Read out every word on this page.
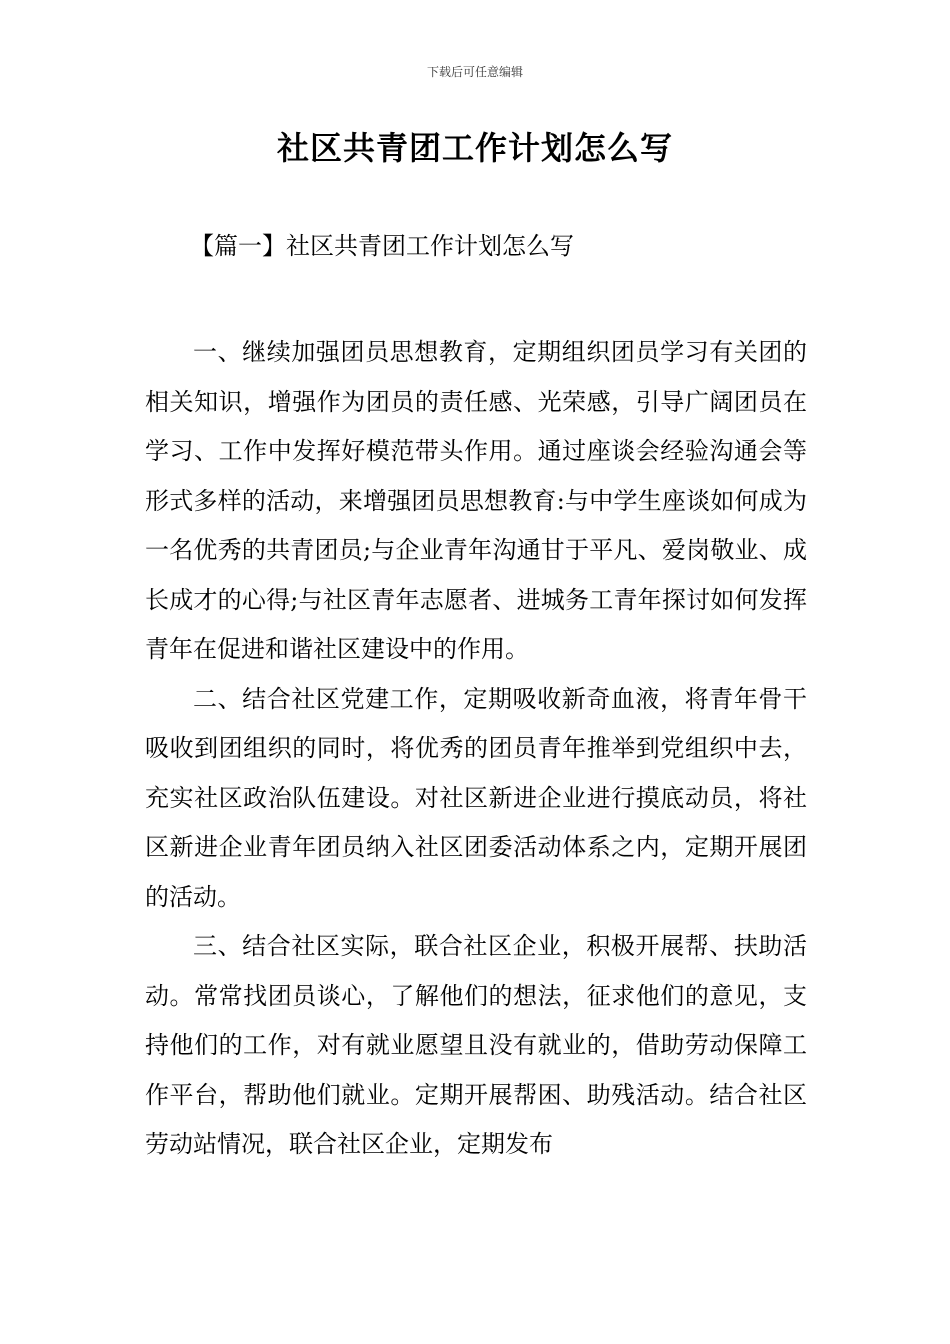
下载后可任意编辑
社区共青团工作计划怎么写
【篇一】社区共青团工作计划怎么写

一、继续加强团员思想教育，定期组织团员学习有关团的相关知识，增强作为团员的责任感、光荣感，引导广阔团员在学习、工作中发挥好模范带头作用。通过座谈会经验沟通会等形式多样的活动，来增强团员思想教育:与中学生座谈如何成为一名优秀的共青团员;与企业青年沟通甘于平凡、爱岗敬业、成长成才的心得;与社区青年志愿者、进城务工青年探讨如何发挥青年在促进和谐社区建设中的作用。

二、结合社区党建工作，定期吸收新奇血液，将青年骨干吸收到团组织的同时，将优秀的团员青年推举到党组织中去，充实社区政治队伍建设。对社区新进企业进行摸底动员，将社区新进企业青年团员纳入社区团委活动体系之内，定期开展团的活动。

三、结合社区实际，联合社区企业，积极开展帮、扶助活动。常常找团员谈心，了解他们的想法，征求他们的意见，支持他们的工作，对有就业愿望且没有就业的，借助劳动保障工作平台，帮助他们就业。定期开展帮困、助残活动。结合社区劳动站情况，联合社区企业，定期发布
